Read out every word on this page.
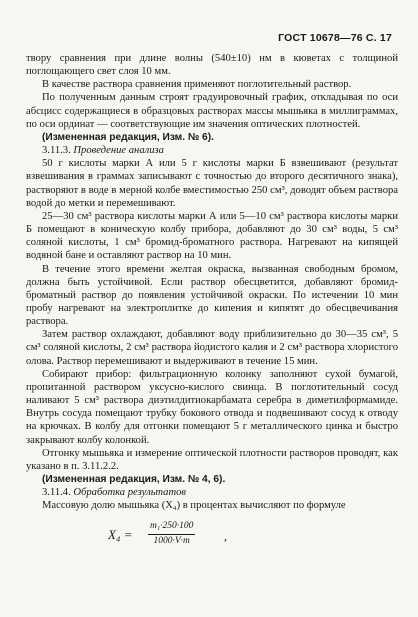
ГОСТ 10678—76 С. 17

твору сравнения при длине волны (540±10) нм в кюветах с толщиной поглощающего свет слоя 10 мм.

В качестве раствора сравнения применяют поглотительный раствор.

По полученным данным строят градуировочный график, откладывая по оси абсцисс содержащиеся в образцовых растворах массы мышьяка в миллиграммах, по оси ординат — соответствующие им значения оптических плотностей.

(Измененная редакция, Изм. № 6).

3.11.3. Проведение анализа

50 г кислоты марки А или 5 г кислоты марки Б взвешивают (результат взвешивания в граммах записывают с точностью до второго десятичного знака), растворяют в воде в мерной колбе вместимостью 250 см³, доводят объем раствора водой до метки и перемешивают.

25—30 см³ раствора кислоты марки А или 5—10 см³ раствора кислоты марки Б помещают в коническую колбу прибора, добавляют до 30 см³ воды, 5 см³ соляной кислоты, 1 см³ бромид-броматного раствора. Нагревают на кипящей водяной бане и оставляют раствор на 10 мин.

В течение этого времени желтая окраска, вызванная свободным бромом, должна быть устойчивой. Если раствор обесцветится, добавляют бромид-броматный раствор до появления устойчивой окраски. По истечении 10 мин пробу нагревают на электроплитке до кипения и кипятят до обесцвечивания раствора.

Затем раствор охлаждают, добавляют воду приблизительно до 30—35 см³, 5 см³ соляной кислоты, 2 см³ раствора йодистого калия и 2 см³ раствора хлористого олова. Раствор перемешивают и выдерживают в течение 15 мин.

Собирают прибор: фильтрационную колонку заполняют сухой бумагой, пропитанной раствором уксусно-кислого свинца. В поглотительный сосуд наливают 5 см³ раствора диэтилдитиокарбамата серебра в диметилформамиде. Внутрь сосуда помещают трубку бокового отвода и подвешивают сосуд к отводу на крючках. В колбу для отгонки помещают 5 г металлического цинка и быстро закрывают колбу колонкой.

Отгонку мышьяка и измерение оптической плотности растворов проводят, как указано в п. 3.11.2.2.

(Измененная редакция, Изм. № 4, 6).

3.11.4. Обработка результатов

Массовую долю мышьяка (X₄) в процентах вычисляют по формуле

$X_4 = \frac{\text{m₁·250·100}}{1000\cdot V\cdot m}$ ,
